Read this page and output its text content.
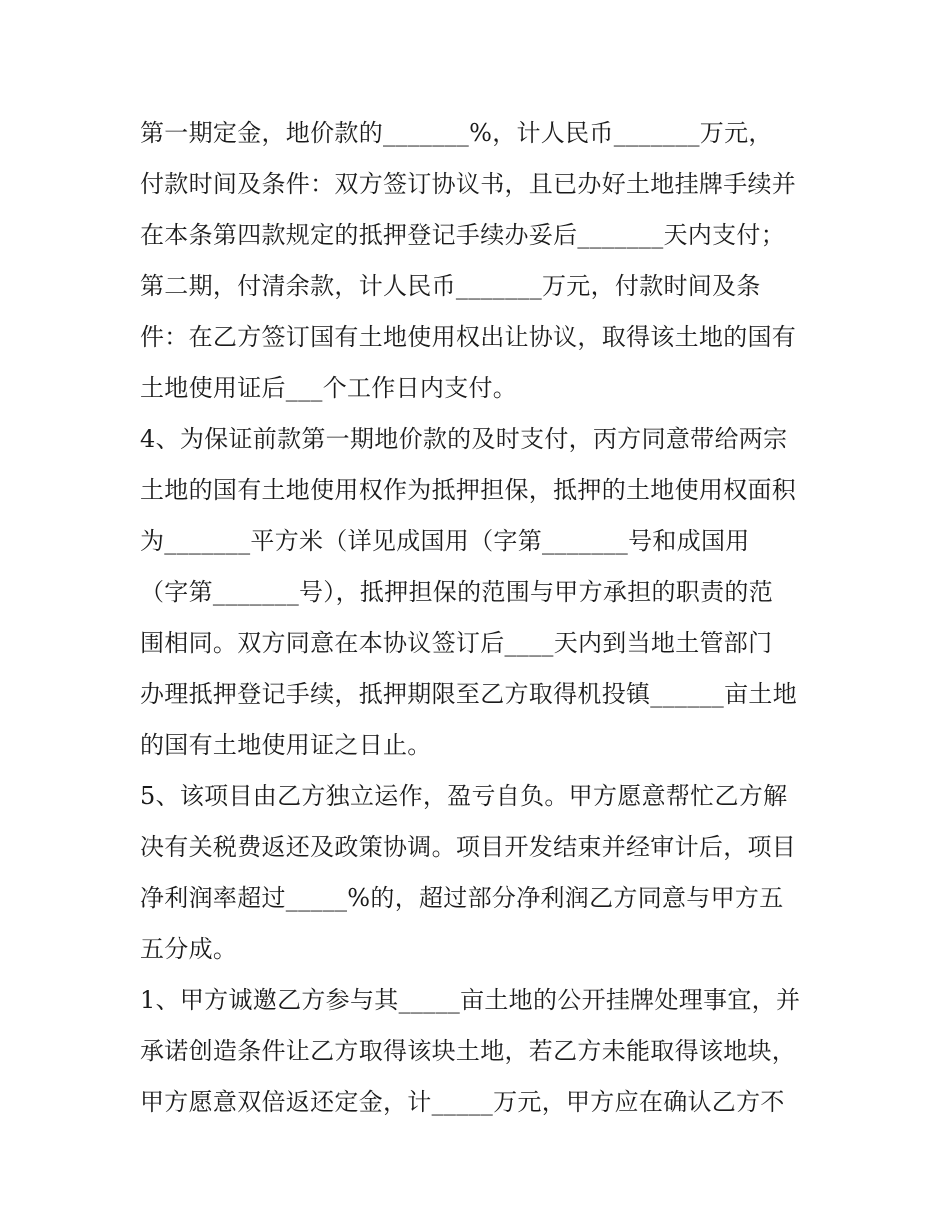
第一期定金，地价款的_______%，计人民币_______万元，
付款时间及条件：双方签订协议书，且已办好土地挂牌手续并
在本条第四款规定的抵押登记手续办妥后_______天内支付；
第二期，付清余款，计人民币_______万元，付款时间及条
件：在乙方签订国有土地使用权出让协议，取得该土地的国有
土地使用证后___个工作日内支付。
4、为保证前款第一期地价款的及时支付，丙方同意带给两宗
土地的国有土地使用权作为抵押担保，抵押的土地使用权面积
为_______平方米（详见成国用（字第_______号和成国用
（字第_______号），抵押担保的范围与甲方承担的职责的范
围相同。双方同意在本协议签订后____天内到当地土管部门
办理抵押登记手续，抵押期限至乙方取得机投镇______亩土地
的国有土地使用证之日止。
5、该项目由乙方独立运作，盈亏自负。甲方愿意帮忙乙方解
决有关税费返还及政策协调。项目开发结束并经审计后，项目
净利润率超过_____%的，超过部分净利润乙方同意与甲方五
五分成。
1、甲方诚邀乙方参与其_____亩土地的公开挂牌处理事宜，并
承诺创造条件让乙方取得该块土地，若乙方未能取得该地块，
甲方愿意双倍返还定金，计_____万元，甲方应在确认乙方不
